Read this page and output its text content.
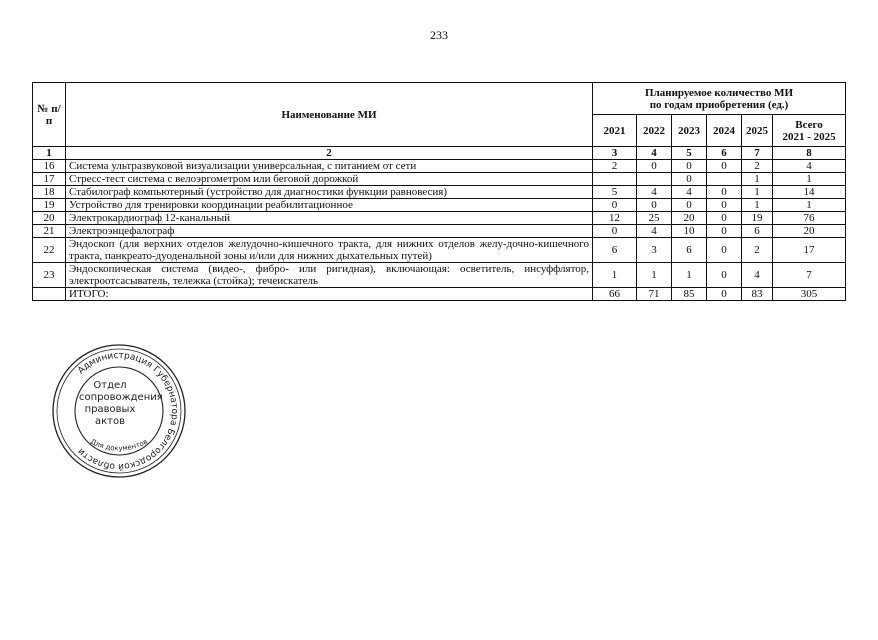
233
№ п/п	Наименование МИ	Планируемое количество МИ
по годам приобретения (ед.)					

		2021	2022	2023	2024	2025	Всего
2021 - 2025

1	2	3	4	5	6	7	8
16	Система ультразвуковой визуализации универсальная, с питанием от сети	2	0	0	0	2	4
17	Стресс-тест система с велоэргометром или беговой дорожкой			0		1	1
18	Стабилограф компьютерный (устройство для диагностики функции равновесия)	5	4	4	0	1	14
19	Устройство для тренировки координации реабилитационное	0	0	0	0	1	1
20	Электрокардиограф 12-канальный	12	25	20	0	19	76
21	Электроэнцефалограф	0	4	10	0	6	20
22	Эндоскоп (для верхних отделов желудочно-кишечного тракта, для нижних отделов желу-дочно-кишечного тракта, панкрeато-дуоденальной зоны и/или для нижних дыхательных путей)	6	3	6	0	2	17
23	Эндоскопическая система (видео-, фибро- или ригидная), включающая: осветитель, инсуффлятор, электроотсасыватель, тележка (стойка); течеискатель	1	1	1	0	4	7
	ИТОГО:	66	71	85	0	83	305
Администрация Губернатора Белгородской области
Для документов
Отдел
сопровождения
правовых
актов
